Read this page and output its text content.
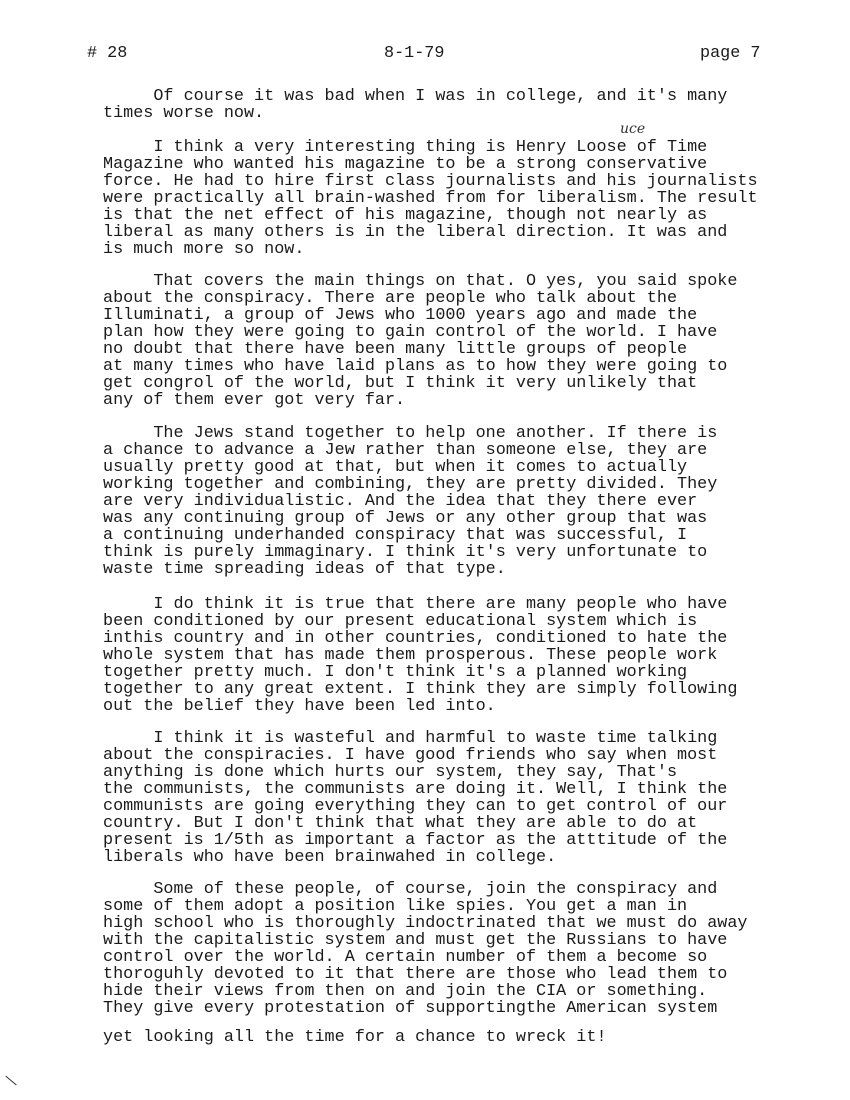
# 28	8-1-79	page 7
uce
Of course it was bad when I was in college, and it's many
times worse now.
I think a very interesting thing is Henry Loose of Time
Magazine who wanted his magazine to be a strong conservative
force. He had to hire first class journalists and his journalists
were practically all brain-washed from for liberalism. The result
is that the net effect of his magazine, though not nearly as
liberal as many others is in the liberal direction. It was and
is much more so now.
That covers the main things on that. O yes, you said spoke
about the conspiracy. There are people who talk about the
Illuminati, a group of Jews who 1000 years ago and made the
plan how they were going to gain control of the world. I have
no doubt that there have been many little groups of people
at many times who have laid plans as to how they were going to
get congrol of the world, but I think it very unlikely that
any of them ever got very far.
The Jews stand together to help one another. If there is
a chance to advance a Jew rather than someone else, they are
usually pretty good at that, but when it comes to actually
working together and combining, they are pretty divided. They
are very individualistic. And the idea that they there ever
was any continuing group of Jews or any other group that was
a continuing underhanded conspiracy that was successful, I
think is purely immaginary. I think it's very unfortunate to
waste time spreading ideas of that type.
I do think it is true that there are many people who have
been conditioned by our present educational system which is
inthis country and in other countries, conditioned to hate the
whole system that has made them prosperous. These people work
together pretty much. I don't think it's a planned working
together to any great extent. I think they are simply following
out the belief they have been led into.
I think it is wasteful and harmful to waste time talking
about the conspiracies. I have good friends who say when most
anything is done which hurts our system, they say, That's
the communists, the communists are doing it. Well, I think the
communists are going everything they can to get control of our
country. But I don't think that what they are able to do at
present is 1/5th as important a factor as the atttitude of the
liberals who have been brainwahed in college.
Some of these people, of course, join the conspiracy and
some of them adopt a position like spies. You get a man in
high school who is thoroughly indoctrinated that we must do away
with the capitalistic system and must get the Russians to have
control over the world. A certain number of them a become so
thoroguhly devoted to it that there are those who lead them to
hide their views from then on and join the CIA or something.
They give every protestation of supportingthe American system
yet looking all the time for a chance to wreck it!
